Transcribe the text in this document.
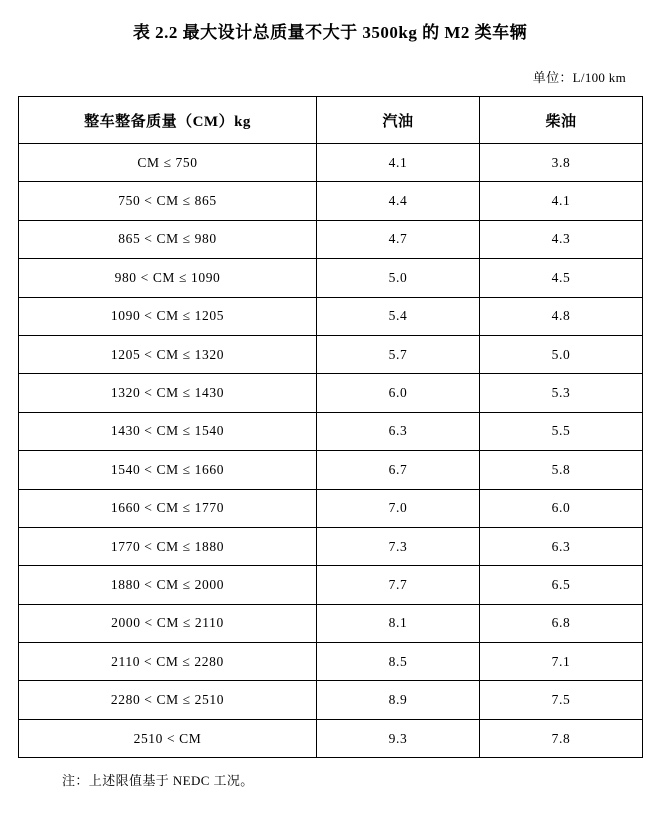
表 2.2 最大设计总质量不大于 3500kg 的 M2 类车辆
单位：L/100 km
整车整备质量（CM）kg	汽油	柴油
CM ≤ 750	4.1	3.8
750 < CM ≤ 865	4.4	4.1
865 < CM ≤ 980	4.7	4.3
980 < CM ≤ 1090	5.0	4.5
1090 < CM ≤ 1205	5.4	4.8
1205 < CM ≤ 1320	5.7	5.0
1320 < CM ≤ 1430	6.0	5.3
1430 < CM ≤ 1540	6.3	5.5
1540 < CM ≤ 1660	6.7	5.8
1660 < CM ≤ 1770	7.0	6.0
1770 < CM ≤ 1880	7.3	6.3
1880 < CM ≤ 2000	7.7	6.5
2000 < CM ≤ 2110	8.1	6.8
2110 < CM ≤ 2280	8.5	7.1
2280 < CM ≤ 2510	8.9	7.5
2510 < CM	9.3	7.8
注：上述限值基于 NEDC 工况。
